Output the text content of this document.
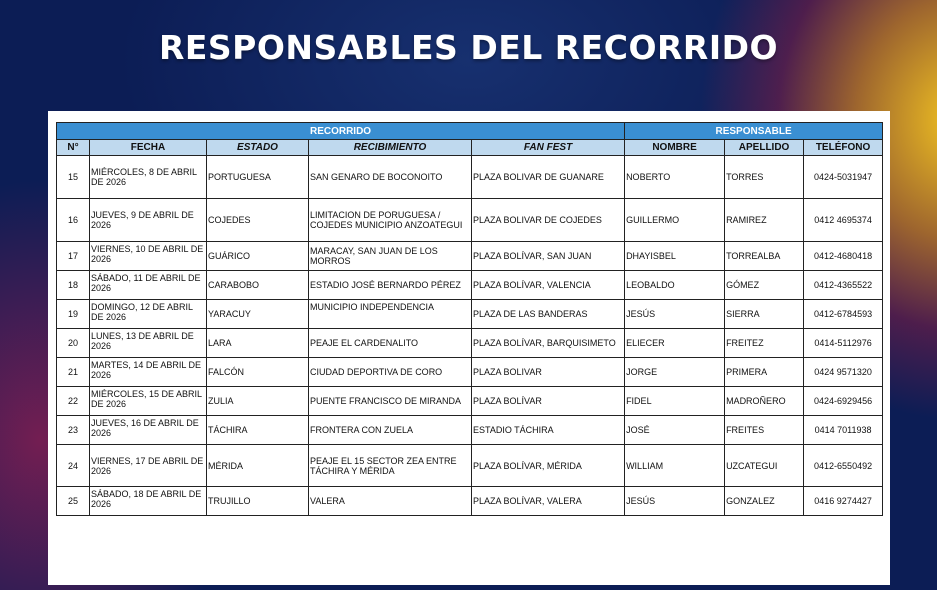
RESPONSABLES DEL RECORRIDO
RECORRIDO					RESPONSABLE		
N°	FECHA	ESTADO	RECIBIMIENTO	FAN FEST	NOMBRE	APELLIDO	TELÉFONO
15	MIÉRCOLES, 8 DE ABRIL DE 2026	PORTUGUESA	SAN GENARO DE BOCONOITO	PLAZA BOLIVAR DE GUANARE	NOBERTO	TORRES	0424-5031947
16	JUEVES, 9 DE ABRIL DE 2026	COJEDES	LIMITACION DE PORUGUESA / COJEDES MUNICIPIO ANZOATEGUI	PLAZA BOLIVAR DE COJEDES	GUILLERMO	RAMIREZ	0412 4695374
17	VIERNES, 10 DE ABRIL DE 2026	GUÁRICO	MARACAY, SAN JUAN DE LOS MORROS	PLAZA BOLÍVAR, SAN JUAN	DHAYISBEL	TORREALBA	0412-4680418
18	SÁBADO, 11 DE ABRIL DE 2026	CARABOBO	ESTADIO JOSÉ BERNARDO PÉREZ	PLAZA BOLÍVAR, VALENCIA	LEOBALDO	GÓMEZ	0412-4365522
19	DOMINGO, 12 DE ABRIL DE 2026	YARACUY	MUNICIPIO INDEPENDENCIA	PLAZA DE LAS BANDERAS	JESÚS	SIERRA	0412-6784593
20	LUNES, 13 DE ABRIL DE 2026	LARA	PEAJE EL CARDENALITO	PLAZA BOLÍVAR, BARQUISIMETO	ELIECER	FREITEZ	0414-5112976
21	MARTES, 14 DE ABRIL DE 2026	FALCÓN	CIUDAD DEPORTIVA DE CORO	PLAZA BOLIVAR	JORGE	PRIMERA	0424 9571320
22	MIÉRCOLES, 15 DE ABRIL DE 2026	ZULIA	PUENTE FRANCISCO DE MIRANDA	PLAZA BOLÍVAR	FIDEL	MADROÑERO	0424-6929456
23	JUEVES, 16 DE ABRIL DE 2026	TÁCHIRA	FRONTERA CON ZUELA	ESTADIO TÁCHIRA	JOSÉ	FREITES	0414 7011938
24	VIERNES, 17 DE ABRIL DE 2026	MÉRIDA	PEAJE EL 15 SECTOR ZEA ENTRE TÁCHIRA Y MÉRIDA	PLAZA BOLÍVAR, MÉRIDA	WILLIAM	UZCATEGUI	0412-6550492
25	SÁBADO, 18 DE ABRIL DE 2026	TRUJILLO	VALERA	PLAZA BOLÍVAR, VALERA	JESÚS	GONZALEZ	0416 9274427
